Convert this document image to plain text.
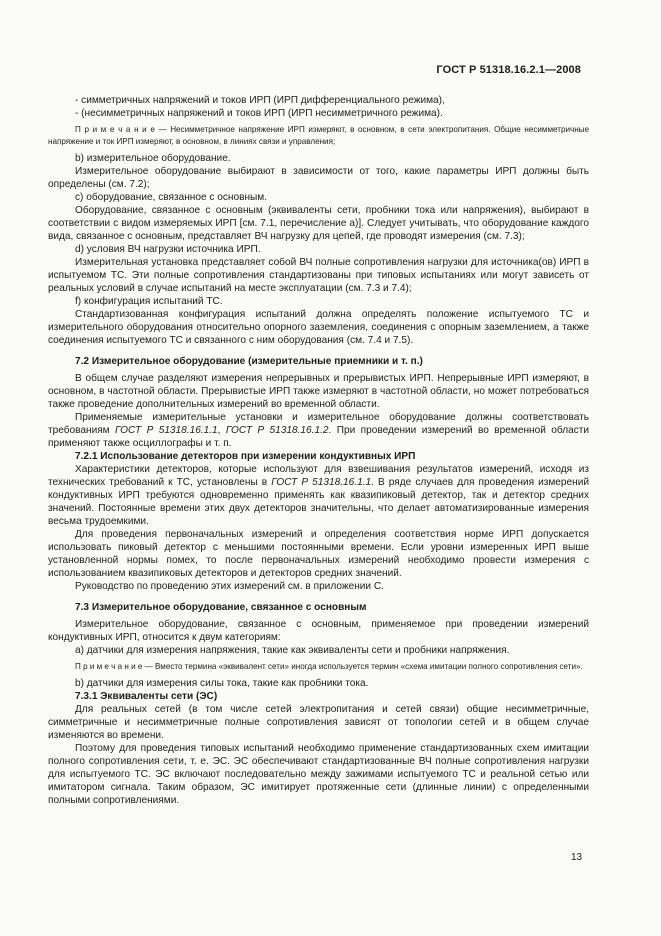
ГОСТ Р 51318.16.2.1—2008

- симметричных напряжений и токов ИРП (ИРП дифференциального режима),

- (несимметричных напряжений и токов ИРП (ИРП несимметричного режима).

П р и м е ч а н и е — Несимметричное напряжение ИРП измеряют, в основном, в сети электропитания. Общие несимметричные напряжение и ток ИРП измеряют, в основном, в линиях связи и управления;

b) измерительное оборудование.

Измерительное оборудование выбирают в зависимости от того, какие параметры ИРП должны быть определены (см. 7.2);

c) оборудование, связанное с основным.

Оборудование, связанное с основным (эквиваленты сети, пробники тока или напряжения), выбирают в соответствии с видом измеряемых ИРП [см. 7.1, перечисление а)]. Следует учитывать, что оборудование каждого вида, связанное с основным, представляет ВЧ нагрузку для цепей, где проводят измерения (см. 7.3);

d) условия ВЧ нагрузки источника ИРП.

Измерительная установка представляет собой ВЧ полные сопротивления нагрузки для источника(ов) ИРП в испытуемом ТС. Эти полные сопротивления стандартизованы при типовых испытаниях или могут зависеть от реальных условий в случае испытаний на месте эксплуатации (см. 7.3 и 7.4);

f) конфигурация испытаний ТС.

Стандартизованная конфигурация испытаний должна определять положение испытуемого ТС и измерительного оборудования относительно опорного заземления, соединения с опорным заземлением, а также соединения испытуемого ТС и связанного с ним оборудования (см. 7.4 и 7.5).

7.2 Измерительное оборудование (измерительные приемники и т. п.)

В общем случае разделяют измерения непрерывных и прерывистых ИРП. Непрерывные ИРП измеряют, в основном, в частотной области. Прерывистые ИРП также измеряют в частотной области, но может потребоваться также проведение дополнительных измерений во временной области.

Применяемые измерительные установки и измерительное оборудование должны соответствовать требованиям ГОСТ Р 51318.16.1.1, ГОСТ Р 51318.16.1.2. При проведении измерений во временной области применяют также осциллографы и т. п.

7.2.1 Использование детекторов при измерении кондуктивных ИРП

Характеристики детекторов, которые используют для взвешивания результатов измерений, исходя из технических требований к ТС, установлены в ГОСТ Р 51318.16.1.1. В ряде случаев для проведения измерений кондуктивных ИРП требуются одновременно применять как квазипиковый детектор, так и детектор средних значений. Постоянные времени этих двух детекторов значительны, что делает автоматизированные измерения весьма трудоемкими.

Для проведения первоначальных измерений и определения соответствия норме ИРП допускается использовать пиковый детектор с меньшими постоянными времени. Если уровни измеренных ИРП выше установленной нормы помех, то после первоначальных измерений необходимо провести измерения с использованием квазипиковых детекторов и детекторов средних значений.

Руководство по проведению этих измерений см. в приложении С.

7.3 Измерительное оборудование, связанное с основным

Измерительное оборудование, связанное с основным, применяемое при проведении измерений кондуктивных ИРП, относится к двум категориям:

а) датчики для измерения напряжения, такие как эквиваленты сети и пробники напряжения.

П р и м е ч а н и е — Вместо термина «эквивалент сети» иногда используется термин «схема имитации полного сопротивления сети».

b) датчики для измерения силы тока, такие как пробники тока.

7.3.1 Эквиваленты сети (ЭС)

Для реальных сетей (в том числе сетей электропитания и сетей связи) общие несимметричные, симметричные и несимметричные полные сопротивления зависят от топологии сетей и в общем случае изменяются во времени.

Поэтому для проведения типовых испытаний необходимо применение стандартизованных схем имитации полного сопротивления сети, т. е. ЭС. ЭС обеспечивают стандартизованные ВЧ полные сопротивления нагрузки для испытуемого ТС. ЭС включают последовательно между зажимами испытуемого ТС и реальной сетью или имитатором сигнала. Таким образом, ЭС имитирует протяженные сети (длинные линии) с определенными полными сопротивлениями.

13
